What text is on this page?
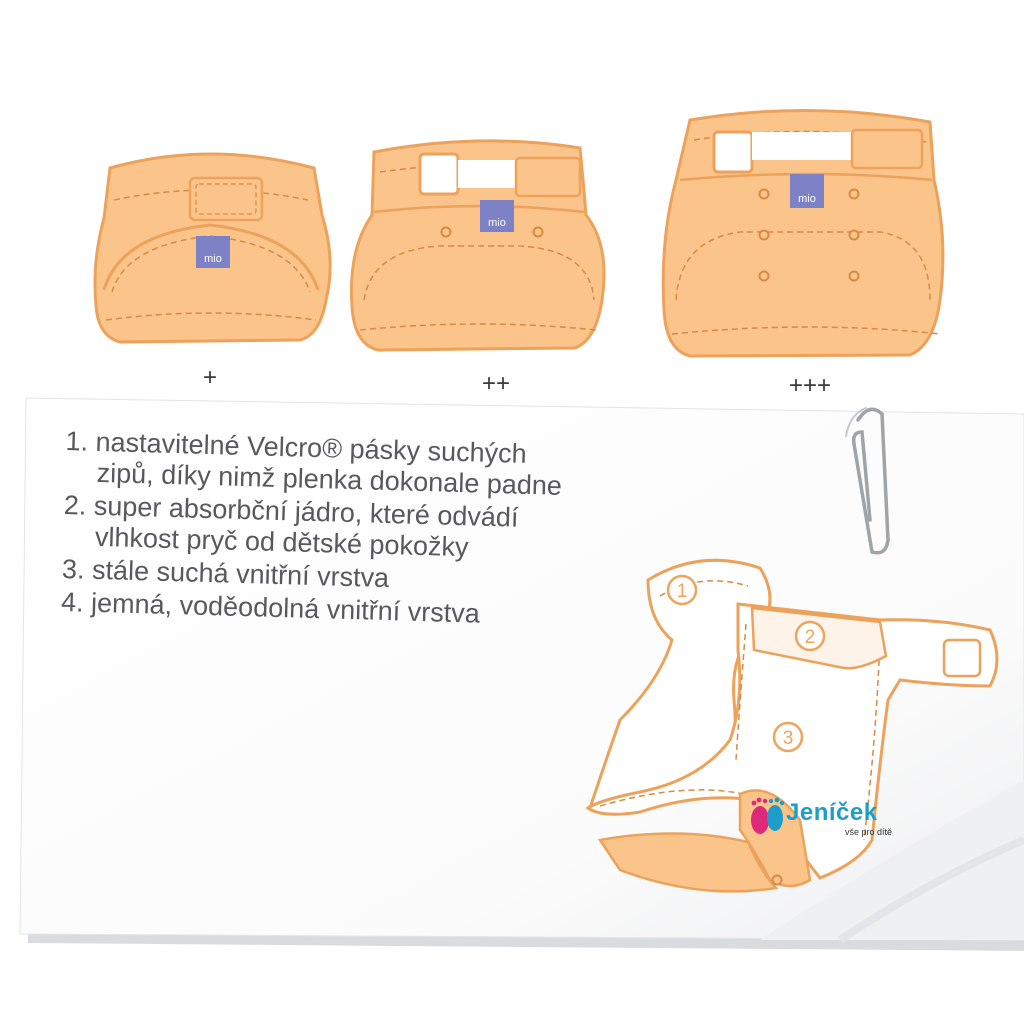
mio
mio
mio
1
2
3
+	++	+++
1. nastavitelné Velcro® pásky suchých
zipů, díky nimž plenka dokonale padne
2. super absorbční jádro, které odvádí
vlhkost pryč od dětské pokožky
3. stále suchá vnitřní vrstva
4. jemná, voděodolná vnitřní vrstva
Jeníček
vše pro dítě
